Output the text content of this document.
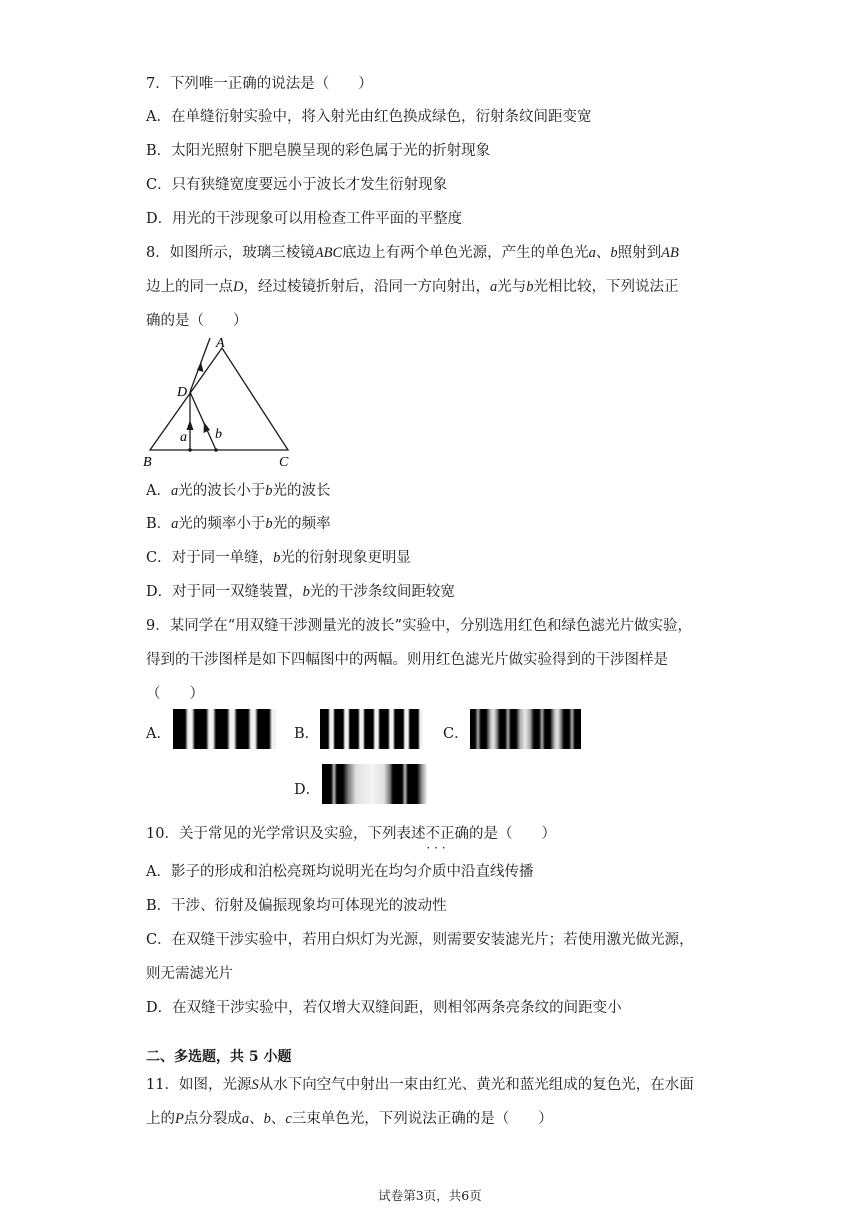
7．下列唯一正确的说法是（　　）
A．在单缝衍射实验中，将入射光由红色换成绿色，衍射条纹间距变宽
B．太阳光照射下肥皂膜呈现的彩色属于光的折射现象
C．只有狭缝宽度要远小于波长才发生衍射现象
D．用光的干涉现象可以用检查工件平面的平整度
8．如图所示，玻璃三棱镜ABC底边上有两个单色光源，产生的单色光a、b照射到AB
边上的同一点D，经过棱镜折射后，沿同一方向射出，a光与b光相比较，下列说法正
确的是（　　）
A
D
a b
B	C
A．a光的波长小于b光的波长
B．a光的频率小于b光的频率
C．对于同一单缝，b光的衍射现象更明显
D．对于同一双缝装置，b光的干涉条纹间距较宽
9．某同学在“用双缝干涉测量光的波长”实验中，分别选用红色和绿色滤光片做实验，
得到的干涉图样是如下四幅图中的两幅。则用红色滤光片做实验得到的干涉图样是
（　　）
A．	B．	C．
D．
10．关于常见的光学常识及实验，下列表述不正确 · · ·的是（　　）
A．影子的形成和泊松亮斑均说明光在均匀介质中沿直线传播
B．干涉、衍射及偏振现象均可体现光的波动性
C．在双缝干涉实验中，若用白炽灯为光源，则需要安装滤光片；若使用激光做光源，
则无需滤光片
D．在双缝干涉实验中，若仅增大双缝间距，则相邻两条亮条纹的间距变小
二、多选题，共 5 小题
11．如图，光源S从水下向空气中射出一束由红光、黄光和蓝光组成的复色光，在水面
上的P点分裂成a、b、c三束单色光，下列说法正确的是（　　）
试卷第3页，共6页
